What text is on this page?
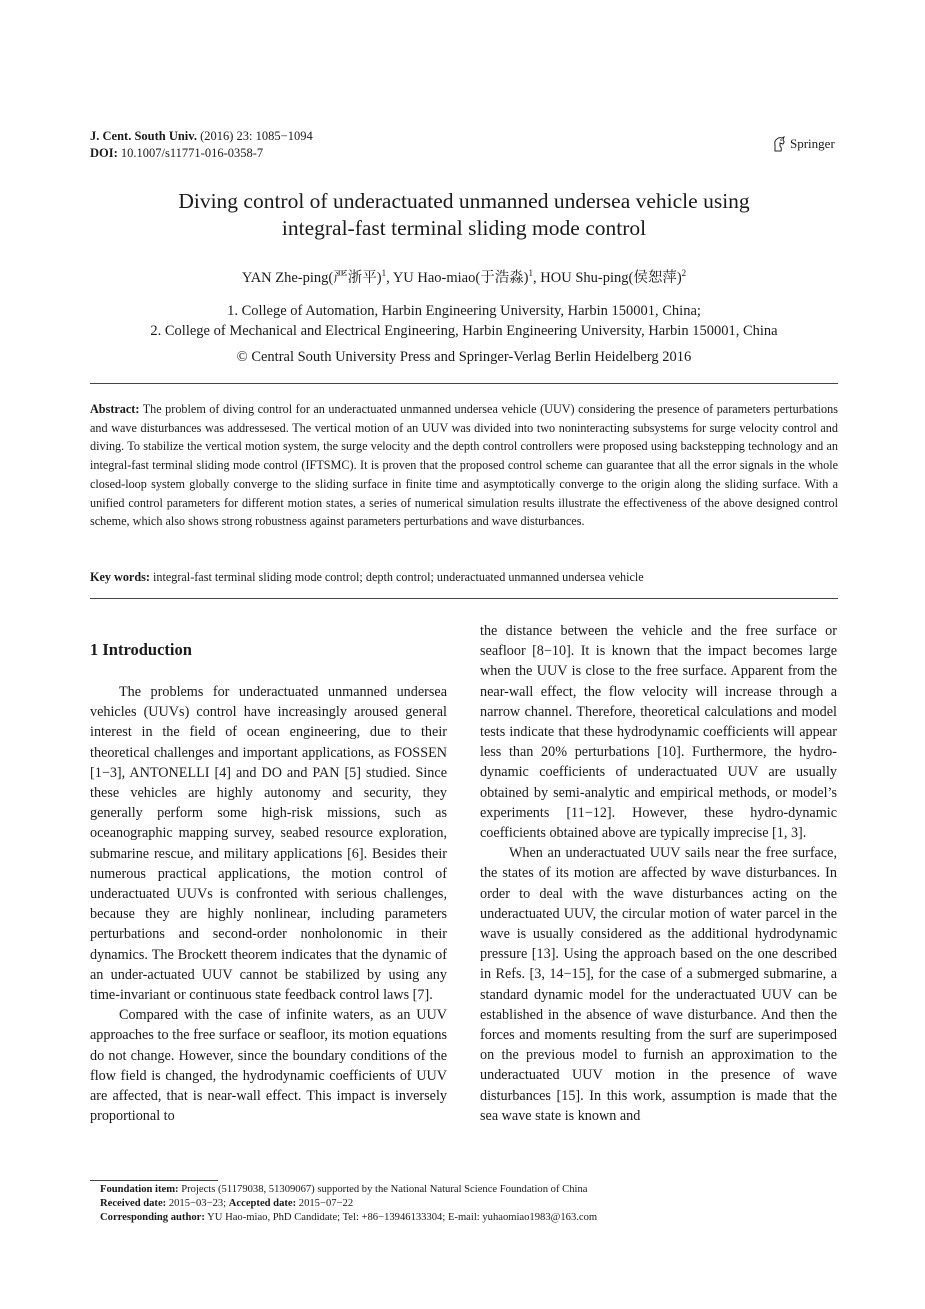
J. Cent. South Univ. (2016) 23: 1085−1094
DOI: 10.1007/s11771-016-0358-7
Springer
Diving control of underactuated unmanned undersea vehicle using
integral-fast terminal sliding mode control
YAN Zhe-ping(严浙平)$^1$, YU Hao-miao(于浩淼)$^1$, HOU Shu-ping(侯恕萍)$^2$
1. College of Automation, Harbin Engineering University, Harbin 150001, China;
2. College of Mechanical and Electrical Engineering, Harbin Engineering University, Harbin 150001, China
© Central South University Press and Springer-Verlag Berlin Heidelberg 2016
Abstract: The problem of diving control for an underactuated unmanned undersea vehicle (UUV) considering the presence of parameters perturbations and wave disturbances was addressesed. The vertical motion of an UUV was divided into two noninteracting subsystems for surge velocity control and diving. To stabilize the vertical motion system, the surge velocity and the depth control controllers were proposed using backstepping technology and an integral-fast terminal sliding mode control (IFTSMC). It is proven that the proposed control scheme can guarantee that all the error signals in the whole closed-loop system globally converge to the sliding surface in finite time and asymptotically converge to the origin along the sliding surface. With a unified control parameters for different motion states, a series of numerical simulation results illustrate the effectiveness of the above designed control scheme, which also shows strong robustness against parameters perturbations and wave disturbances.
Key words: integral-fast terminal sliding mode control; depth control; underactuated unmanned undersea vehicle
1 Introduction

The problems for underactuated unmanned undersea vehicles (UUVs) control have increasingly aroused general interest in the field of ocean engineering, due to their theoretical challenges and important applications, as FOSSEN [1−3], ANTONELLI [4] and DO and PAN [5] studied. Since these vehicles are highly autonomy and security, they generally perform some high-risk missions, such as oceanographic mapping survey, seabed resource exploration, submarine rescue, and military applications [6]. Besides their numerous practical applications, the motion control of underactuated UUVs is confronted with serious challenges, because they are highly nonlinear, including parameters perturbations and second-order nonholonomic in their dynamics. The Brockett theorem indicates that the dynamic of an under-actuated UUV cannot be stabilized by using any time-invariant or continuous state feedback control laws [7].

Compared with the case of infinite waters, as an UUV approaches to the free surface or seafloor, its motion equations do not change. However, since the boundary conditions of the flow field is changed, the hydrodynamic coefficients of UUV are affected, that is near-wall effect. This impact is inversely proportional to

the distance between the vehicle and the free surface or seafloor [8−10]. It is known that the impact becomes large when the UUV is close to the free surface. Apparent from the near-wall effect, the flow velocity will increase through a narrow channel. Therefore, theoretical calculations and model tests indicate that these hydrodynamic coefficients will appear less than 20% perturbations [10]. Furthermore, the hydro-dynamic coefficients of underactuated UUV are usually obtained by semi-analytic and empirical methods, or model’s experiments [11−12]. However, these hydro-dynamic coefficients obtained above are typically imprecise [1, 3].

When an underactuated UUV sails near the free surface, the states of its motion are affected by wave disturbances. In order to deal with the wave disturbances acting on the underactuated UUV, the circular motion of water parcel in the wave is usually considered as the additional hydrodynamic pressure [13]. Using the approach based on the one described in Refs. [3, 14−15], for the case of a submerged submarine, a standard dynamic model for the underactuated UUV can be established in the absence of wave disturbance. And then the forces and moments resulting from the surf are superimposed on the previous model to furnish an approximation to the underactuated UUV motion in the presence of wave disturbances [15]. In this work, assumption is made that the sea wave state is known and

Foundation item: Projects (51179038, 51309067) supported by the National Natural Science Foundation of China
Received date: 2015−03−23; Accepted date: 2015−07−22
Corresponding author: YU Hao-miao, PhD Candidate; Tel: +86−13946133304; E-mail: yuhaomiao1983@163.com
